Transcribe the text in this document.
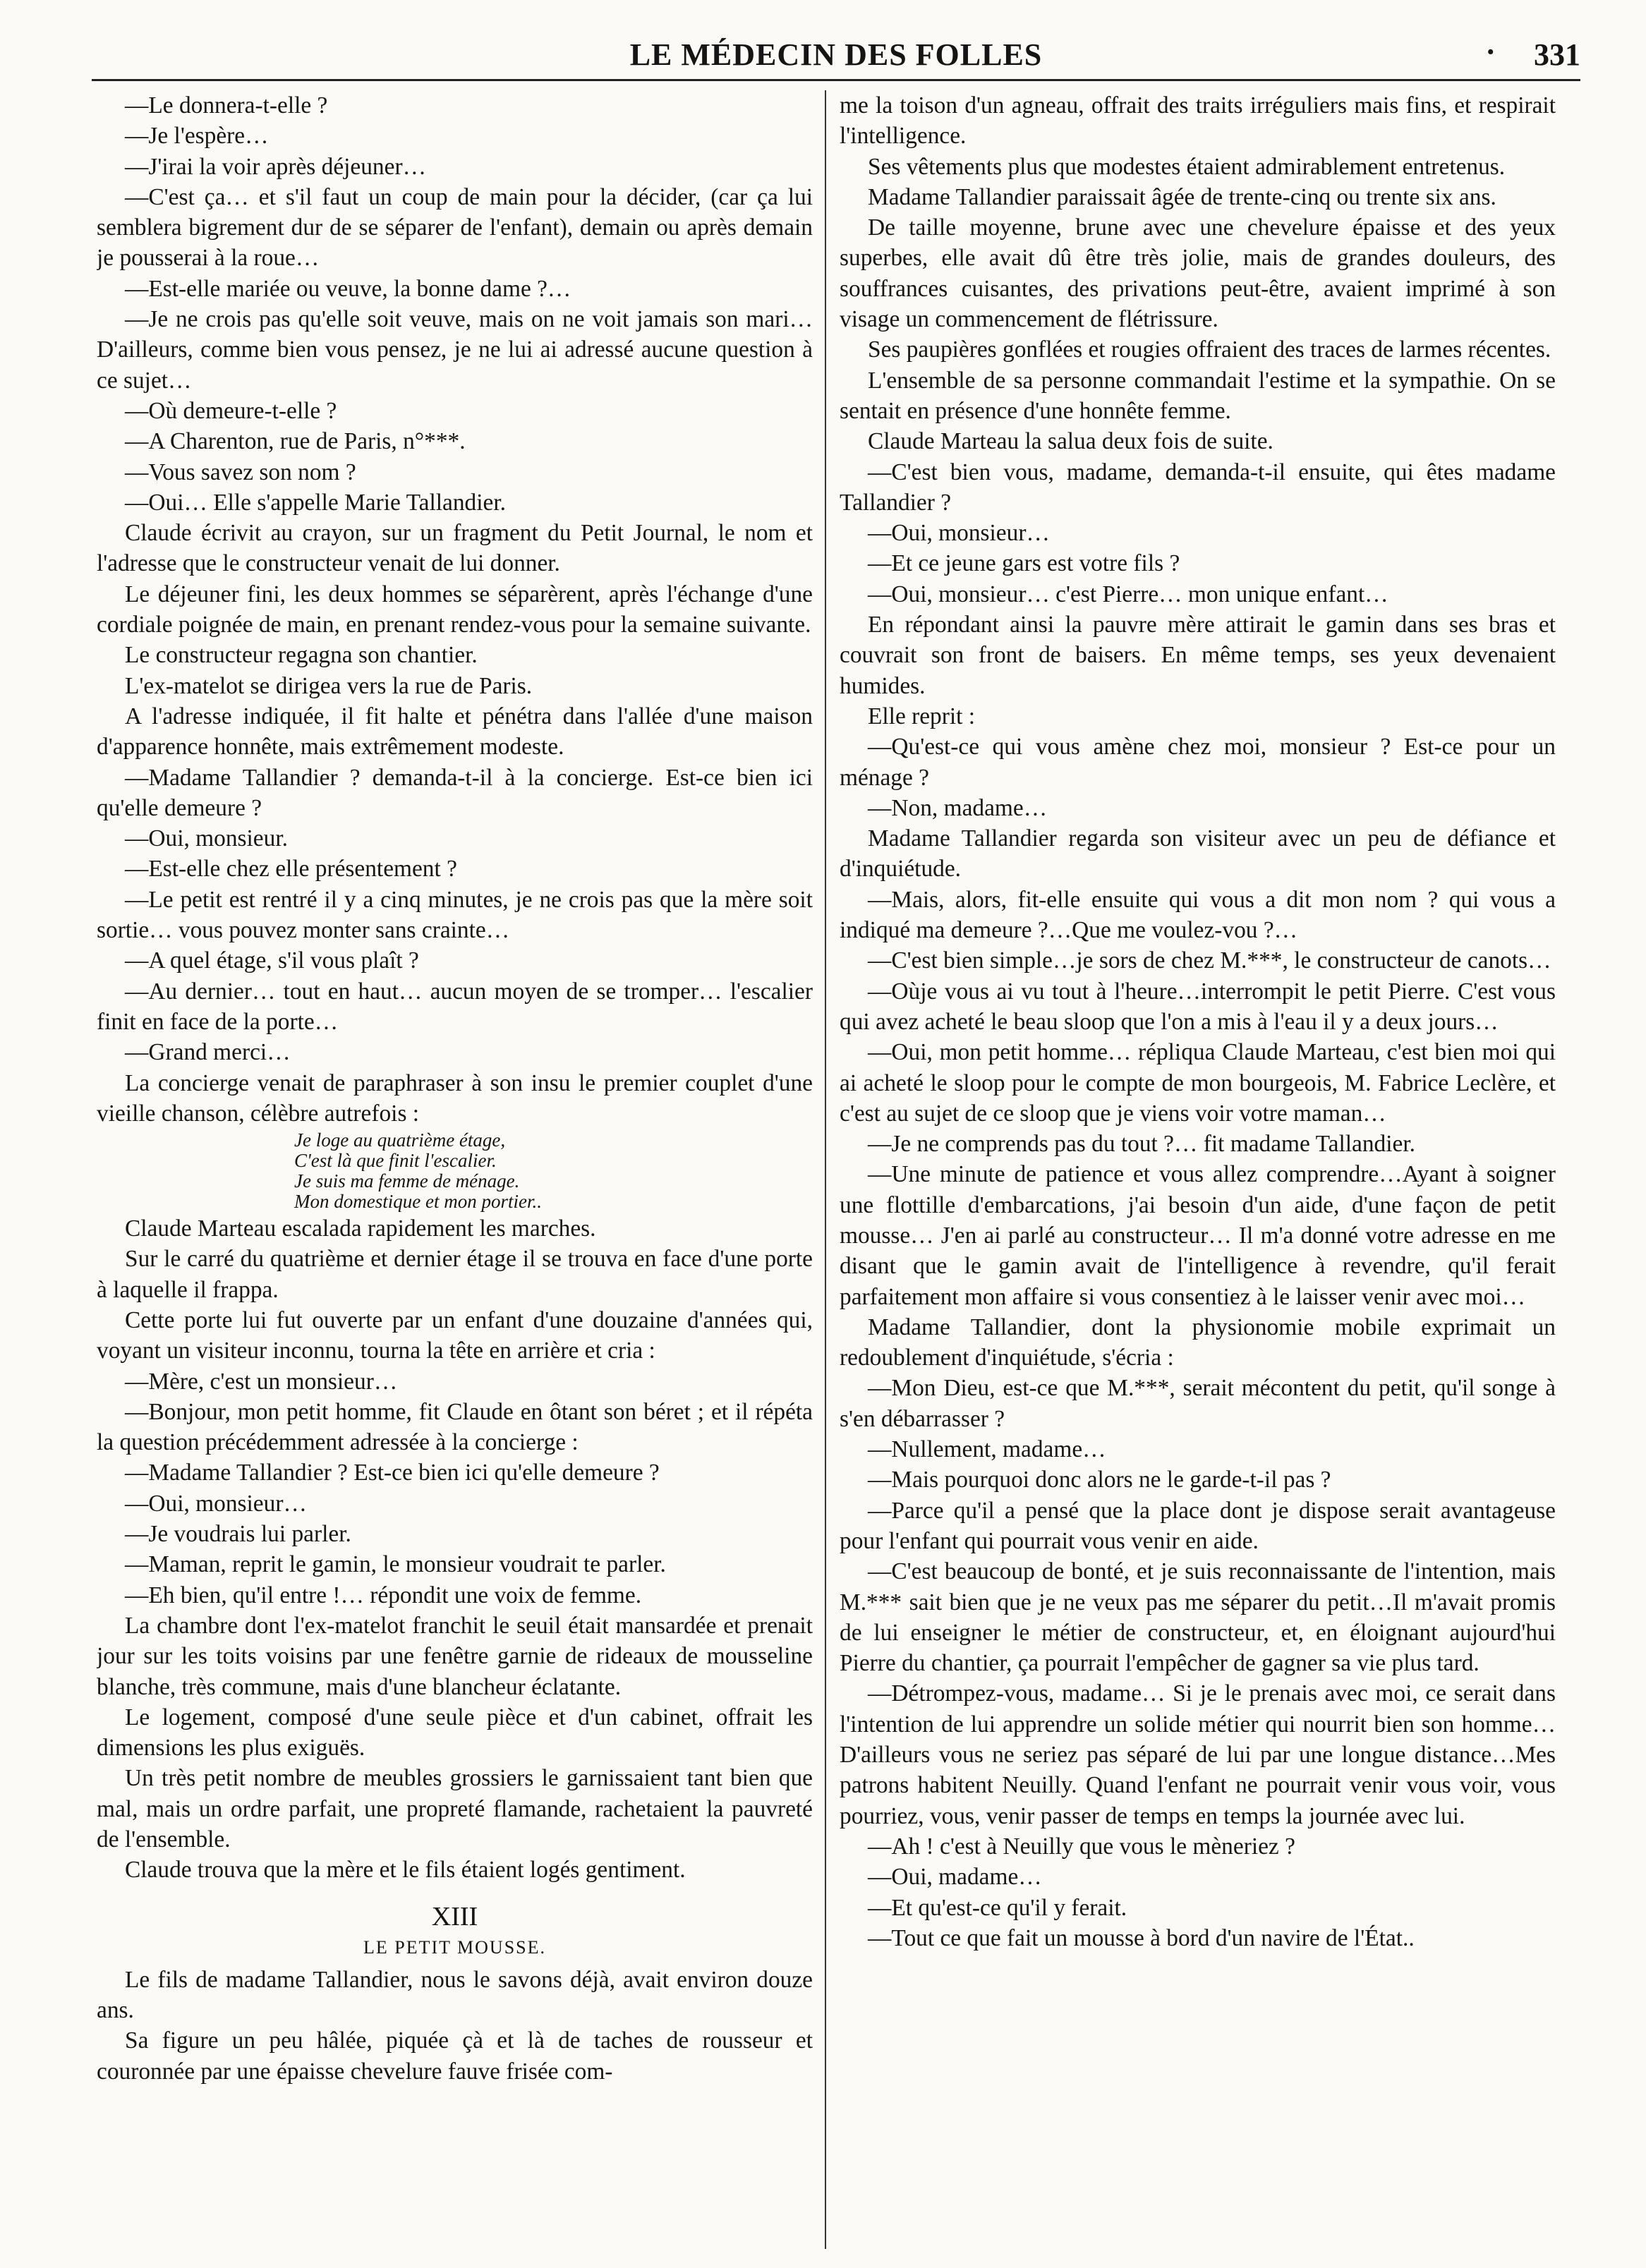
LE MÉDECIN DES FOLLES	· 331

—Le donnera-t-elle ?

—Je l'espère…

—J'irai la voir après déjeuner…

—C'est ça… et s'il faut un coup de main pour la décider, (car ça lui semblera bigrement dur de se séparer de l'enfant), demain ou après demain je pousserai à la roue…

—Est-elle mariée ou veuve, la bonne dame ?…

—Je ne crois pas qu'elle soit veuve, mais on ne voit jamais son mari… D'ailleurs, comme bien vous pensez, je ne lui ai adressé aucune question à ce sujet…

—Où demeure-t-elle ?

—A Charenton, rue de Paris, n°***.

—Vous savez son nom ?

—Oui… Elle s'appelle Marie Tallandier.

Claude écrivit au crayon, sur un fragment du Petit Journal, le nom et l'adresse que le constructeur venait de lui donner.

Le déjeuner fini, les deux hommes se séparèrent, après l'échange d'une cordiale poignée de main, en prenant rendez-vous pour la semaine suivante.

Le constructeur regagna son chantier.

L'ex-matelot se dirigea vers la rue de Paris.

A l'adresse indiquée, il fit halte et pénétra dans l'allée d'une maison d'apparence honnête, mais extrêmement modeste.

—Madame Tallandier ? demanda-t-il à la concierge. Est-ce bien ici qu'elle demeure ?

—Oui, monsieur.

—Est-elle chez elle présentement ?

—Le petit est rentré il y a cinq minutes, je ne crois pas que la mère soit sortie… vous pouvez monter sans crainte…

—A quel étage, s'il vous plaît ?

—Au dernier… tout en haut… aucun moyen de se tromper… l'escalier finit en face de la porte…

—Grand merci…

La concierge venait de paraphraser à son insu le premier couplet d'une vieille chanson, célèbre autrefois :

Je loge au quatrième étage,
C'est là que finit l'escalier.
Je suis ma femme de ménage.
Mon domestique et mon portier..

Claude Marteau escalada rapidement les marches.

Sur le carré du quatrième et dernier étage il se trouva en face d'une porte à laquelle il frappa.

Cette porte lui fut ouverte par un enfant d'une douzaine d'années qui, voyant un visiteur inconnu, tourna la tête en arrière et cria :

—Mère, c'est un monsieur…

—Bonjour, mon petit homme, fit Claude en ôtant son béret ; et il répéta la question précédemment adressée à la concierge :

—Madame Tallandier ? Est-ce bien ici qu'elle demeure ?

—Oui, monsieur…

—Je voudrais lui parler.

—Maman, reprit le gamin, le monsieur voudrait te parler.

—Eh bien, qu'il entre !… répondit une voix de femme.

La chambre dont l'ex-matelot franchit le seuil était mansardée et prenait jour sur les toits voisins par une fenêtre garnie de rideaux de mousseline blanche, très commune, mais d'une blancheur éclatante.

Le logement, composé d'une seule pièce et d'un cabinet, offrait les dimensions les plus exiguës.

Un très petit nombre de meubles grossiers le garnissaient tant bien que mal, mais un ordre parfait, une propreté flamande, rachetaient la pauvreté de l'ensemble.

Claude trouva que la mère et le fils étaient logés gentiment.

XIII
LE PETIT MOUSSE.

Le fils de madame Tallandier, nous le savons déjà, avait environ douze ans.

Sa figure un peu hâlée, piquée çà et là de taches de rousseur et couronnée par une épaisse chevelure fauve frisée com-

me la toison d'un agneau, offrait des traits irréguliers mais fins, et respirait l'intelligence.

Ses vêtements plus que modestes étaient admirablement entretenus.

Madame Tallandier paraissait âgée de trente-cinq ou trente six ans.

De taille moyenne, brune avec une chevelure épaisse et des yeux superbes, elle avait dû être très jolie, mais de grandes douleurs, des souffrances cuisantes, des privations peut-être, avaient imprimé à son visage un commencement de flétrissure.

Ses paupières gonflées et rougies offraient des traces de larmes récentes.

L'ensemble de sa personne commandait l'estime et la sympathie. On se sentait en présence d'une honnête femme.

Claude Marteau la salua deux fois de suite.

—C'est bien vous, madame, demanda-t-il ensuite, qui êtes madame Tallandier ?

—Oui, monsieur…

—Et ce jeune gars est votre fils ?

—Oui, monsieur… c'est Pierre… mon unique enfant…

En répondant ainsi la pauvre mère attirait le gamin dans ses bras et couvrait son front de baisers. En même temps, ses yeux devenaient humides.

Elle reprit :

—Qu'est-ce qui vous amène chez moi, monsieur ? Est-ce pour un ménage ?

—Non, madame…

Madame Tallandier regarda son visiteur avec un peu de défiance et d'inquiétude.

—Mais, alors, fit-elle ensuite qui vous a dit mon nom ? qui vous a indiqué ma demeure ?…Que me voulez-vou ?…

—C'est bien simple…je sors de chez M.***, le constructeur de canots…

—Oùje vous ai vu tout à l'heure…interrompit le petit Pierre. C'est vous qui avez acheté le beau sloop que l'on a mis à l'eau il y a deux jours…

—Oui, mon petit homme… répliqua Claude Marteau, c'est bien moi qui ai acheté le sloop pour le compte de mon bourgeois, M. Fabrice Leclère, et c'est au sujet de ce sloop que je viens voir votre maman…

—Je ne comprends pas du tout ?… fit madame Tallandier.

—Une minute de patience et vous allez comprendre…Ayant à soigner une flottille d'embarcations, j'ai besoin d'un aide, d'une façon de petit mousse… J'en ai parlé au constructeur… Il m'a donné votre adresse en me disant que le gamin avait de l'intelligence à revendre, qu'il ferait parfaitement mon affaire si vous consentiez à le laisser venir avec moi…

Madame Tallandier, dont la physionomie mobile exprimait un redoublement d'inquiétude, s'écria :

—Mon Dieu, est-ce que M.***, serait mécontent du petit, qu'il songe à s'en débarrasser ?

—Nullement, madame…

—Mais pourquoi donc alors ne le garde-t-il pas ?

—Parce qu'il a pensé que la place dont je dispose serait avantageuse pour l'enfant qui pourrait vous venir en aide.

—C'est beaucoup de bonté, et je suis reconnaissante de l'intention, mais M.*** sait bien que je ne veux pas me séparer du petit…Il m'avait promis de lui enseigner le métier de constructeur, et, en éloignant aujourd'hui Pierre du chantier, ça pourrait l'empêcher de gagner sa vie plus tard.

—Détrompez-vous, madame… Si je le prenais avec moi, ce serait dans l'intention de lui apprendre un solide métier qui nourrit bien son homme… D'ailleurs vous ne seriez pas séparé de lui par une longue distance…Mes patrons habitent Neuilly. Quand l'enfant ne pourrait venir vous voir, vous pourriez, vous, venir passer de temps en temps la journée avec lui.

—Ah ! c'est à Neuilly que vous le mèneriez ?

—Oui, madame…

—Et qu'est-ce qu'il y ferait.

—Tout ce que fait un mousse à bord d'un navire de l'État..
